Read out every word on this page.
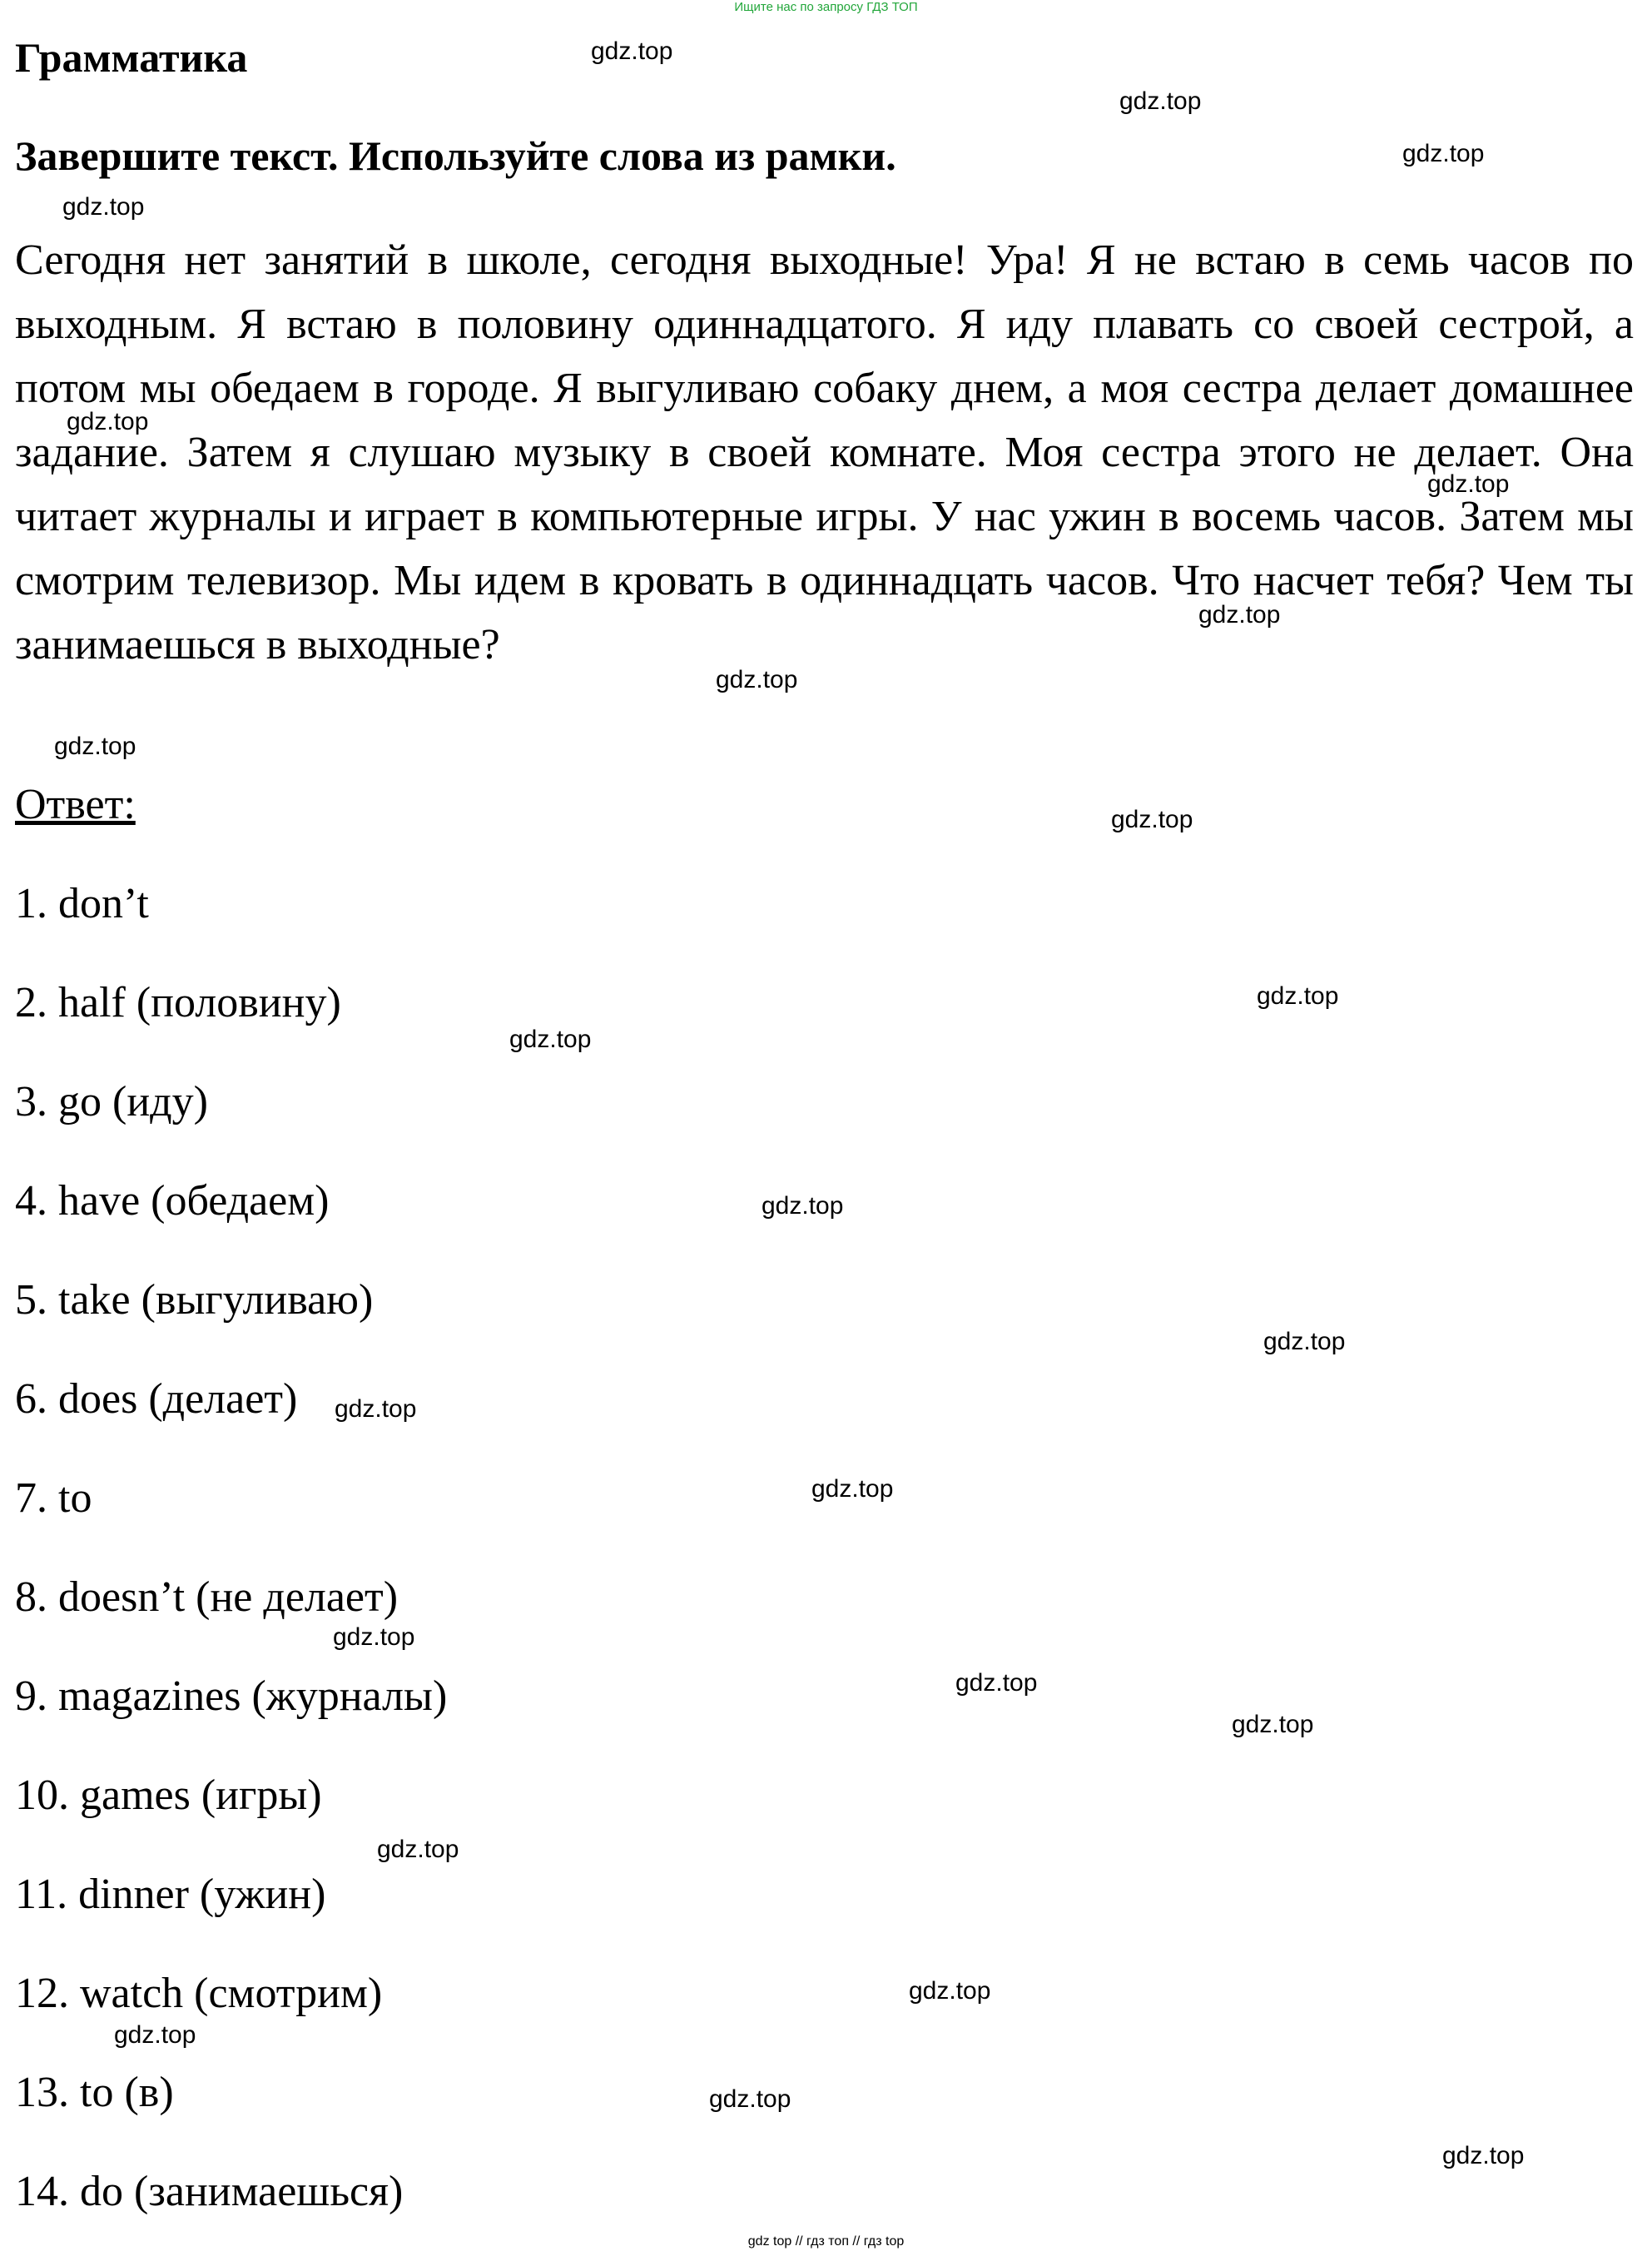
Ищите нас по запросу ГДЗ ТОП
Грамматика
Завершите текст. Используйте слова из рамки.

Сегодня нет занятий в школе, сегодня выходные! Ура! Я не встаю в семь часов по выходным. Я встаю в половину одиннадцатого. Я иду плавать со своей сестрой, а потом мы обедаем в городе. Я выгуливаю собаку днем, а моя сестра делает домашнее задание. Затем я слушаю музыку в своей комнате. Моя сестра этого не делает. Она читает журналы и играет в компьютерные игры. У нас ужин в восемь часов. Затем мы смотрим телевизор. Мы идем в кровать в одиннадцать часов. Что насчет тебя? Чем ты занимаешься в выходные?

Ответ:

1. don’t
2. half (половину)
3. go (иду)
4. have (обедаем)
5. take (выгуливаю)
6. does (делает)
7. to
8. doesn’t (не делает)
9. magazines (журналы)
10. games (игры)
11. dinner (ужин)
12. watch (смотрим)
13. to (в)
14. do (занимаешься)
gdz.top
gdz.top
gdz.top
gdz.top
gdz.top
gdz.top
gdz.top
gdz.top
gdz.top
gdz.top
gdz.top
gdz.top
gdz.top
gdz.top
gdz.top
gdz.top
gdz.top
gdz.top
gdz.top
gdz.top
gdz.top
gdz.top
gdz.top
gdz.top
gdz top // гдз топ // гдз top
